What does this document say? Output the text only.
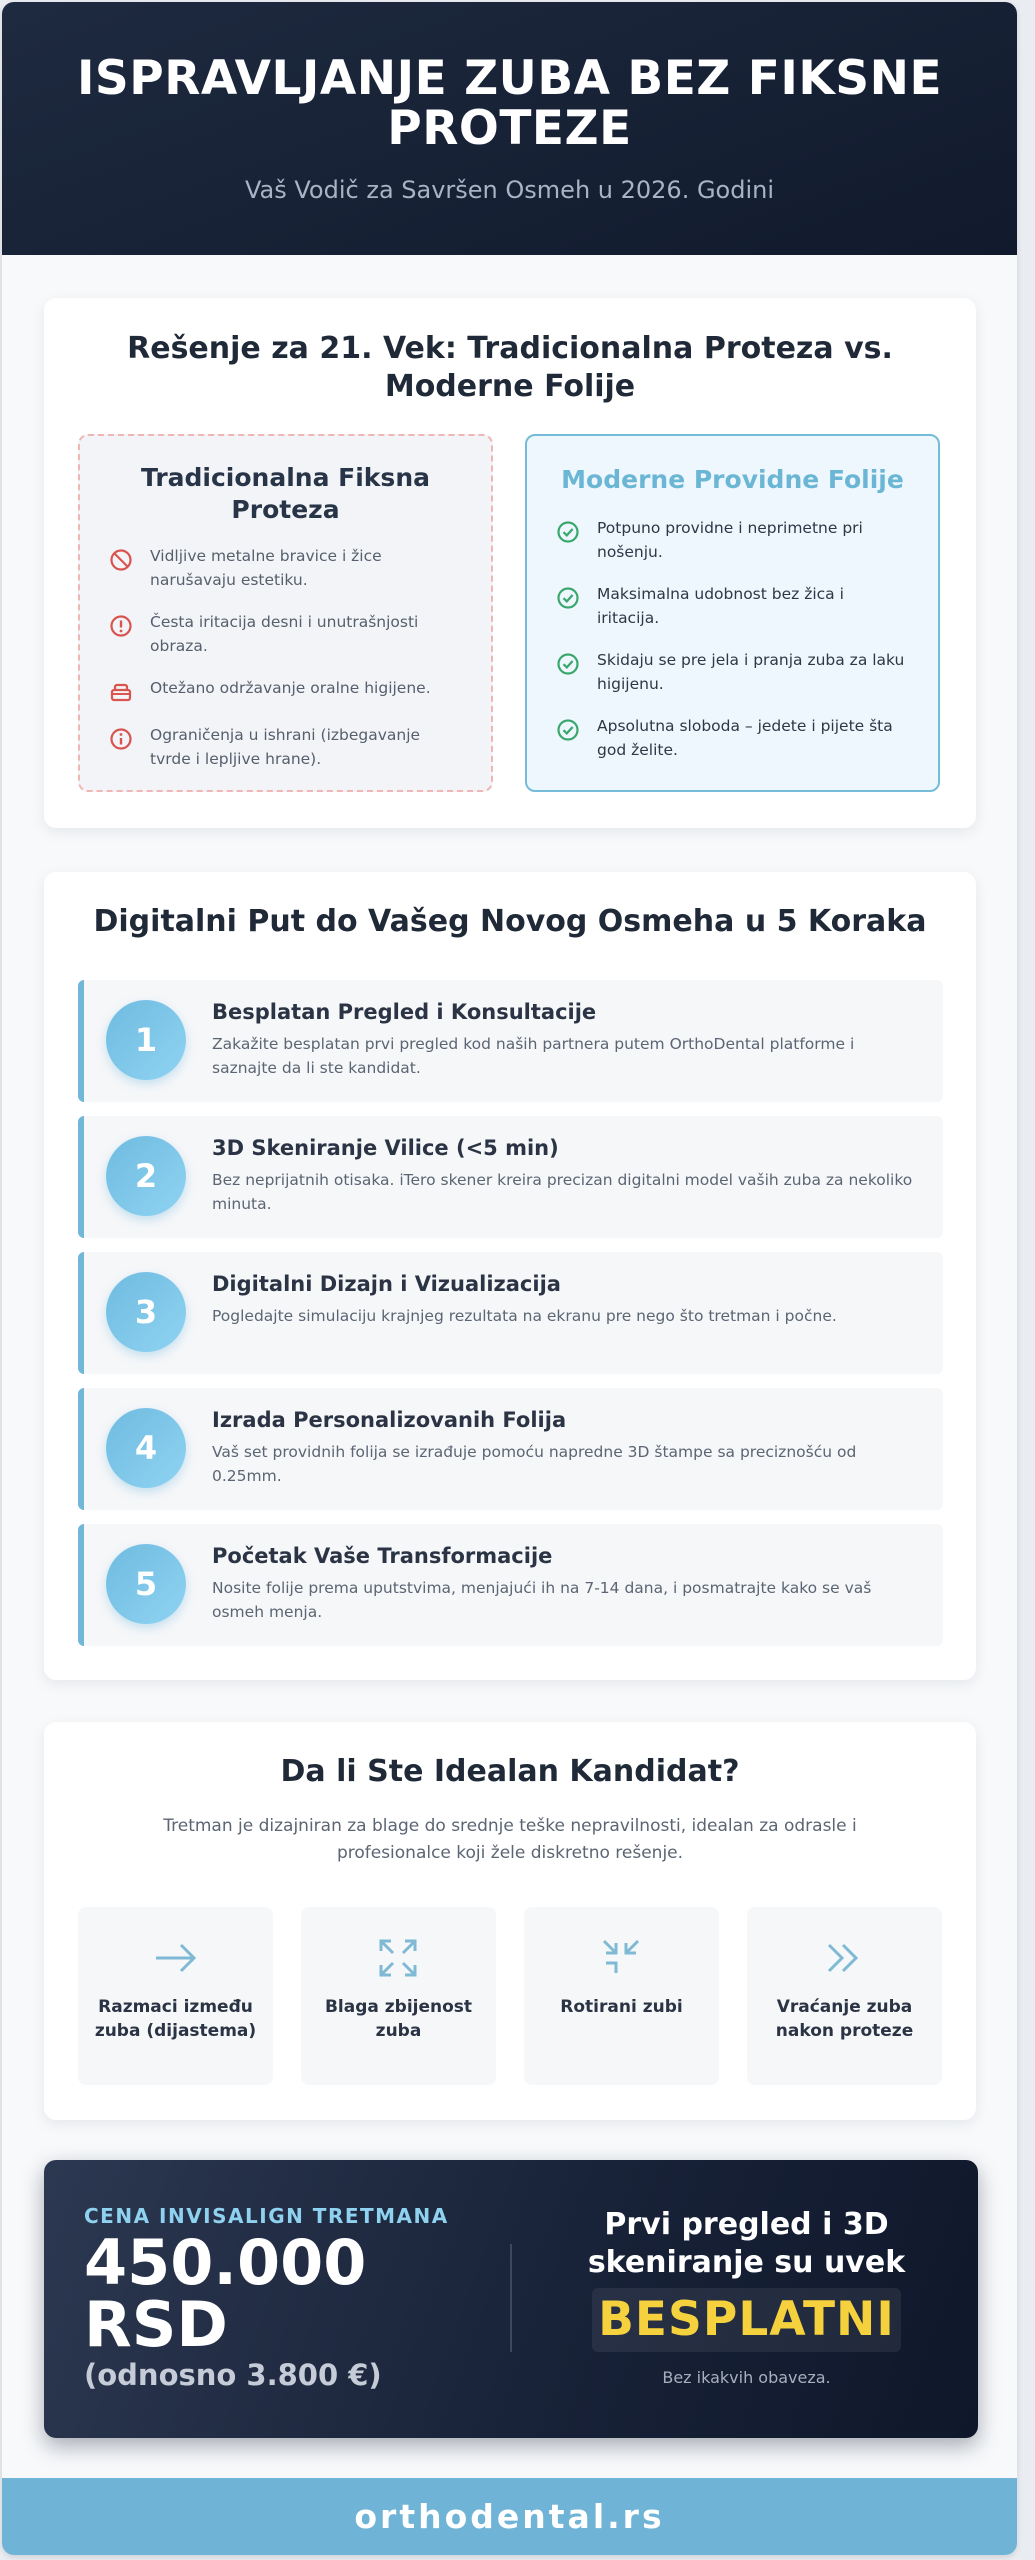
ISPRAVLJANJE ZUBA BEZ FIKSNE PROTEZE
Vaš Vodič za Savršen Osmeh u 2026. Godini
Rešenje za 21. Vek: Tradicionalna Proteza vs. Moderne Folije
Tradicionalna Fiksna Proteza
Vidljive metalne bravice i žice narušavaju estetiku.
Česta iritacija desni i unutrašnjosti obraza.
Otežano održavanje oralne higijene.
Ograničenja u ishrani (izbegavanje tvrde i lepljive hrane).
Moderne Providne Folije
Potpuno providne i neprimetne pri nošenju.
Maksimalna udobnost bez žica i iritacija.
Skidaju se pre jela i pranja zuba za laku higijenu.
Apsolutna sloboda – jedete i pijete šta god želite.
Digitalni Put do Vašeg Novog Osmeha u 5 Koraka
1
Besplatan Pregled i Konsultacije
Zakažite besplatan prvi pregled kod naših partnera putem OrthoDental platforme i saznajte da li ste kandidat.
2
3D Skeniranje Vilice (<5 min)
Bez neprijatnih otisaka. iTero skener kreira precizan digitalni model vaših zuba za nekoliko minuta.
3
Digitalni Dizajn i Vizualizacija
Pogledajte simulaciju krajnjeg rezultata na ekranu pre nego što tretman i počne.
4
Izrada Personalizovanih Folija
Vaš set providnih folija se izrađuje pomoću napredne 3D štampe sa preciznošću od 0.25mm.
5
Početak Vaše Transformacije
Nosite folije prema uputstvima, menjajući ih na 7-14 dana, i posmatrajte kako se vaš osmeh menja.
Da li Ste Idealan Kandidat?
Tretman je dizajniran za blage do srednje teške nepravilnosti, idealan za odrasle i profesionalce koji žele diskretno rešenje.
Razmaci između zuba (dijastema)
Blaga zbijenost zuba
Rotirani zubi	Vraćanje zuba nakon proteze
CENA INVISALIGN TRETMANA
450.000 RSD
(odnosno 3.800 €)
Prvi pregled i 3D skeniranje su uvek
BESPLATNI
Bez ikakvih obaveza.
orthodental.rs
